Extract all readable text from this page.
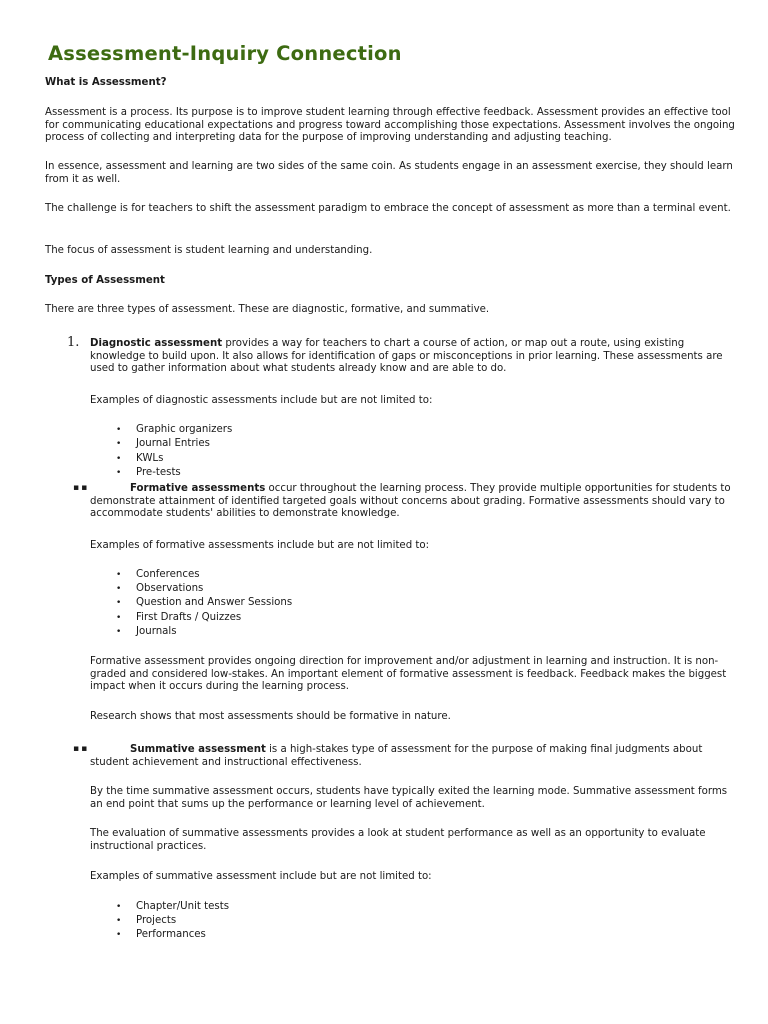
Assessment-Inquiry Connection

What is Assessment?

Assessment is a process. Its purpose is to improve student learning through effective feedback. Assessment provides an effective tool for communicating educational expectations and progress toward accomplishing those expectations. Assessment involves the ongoing process of collecting and interpreting data for the purpose of improving understanding and adjusting teaching.

In essence, assessment and learning are two sides of the same coin. As students engage in an assessment exercise, they should learn from it as well.

The challenge is for teachers to shift the assessment paradigm to embrace the concept of assessment as more than a terminal event.

The focus of assessment is student learning and understanding.

Types of Assessment

There are three types of assessment. These are diagnostic, formative, and summative.

1. Diagnostic assessment provides a way for teachers to chart a course of action, or map out a route, using existing knowledge to build upon. It also allows for identification of gaps or misconceptions in prior learning. These assessments are used to gather information about what students already know and are able to do.

Examples of diagnostic assessments include but are not limited to:

• Graphic organizers
• Journal Entries
• KWLs
• Pre-tests
▪▪	Formative assessments occur throughout the learning process. They provide multiple opportunities for students to demonstrate attainment of identified targeted goals without concerns about grading. Formative assessments should vary to accommodate students' abilities to demonstrate knowledge.

Examples of formative assessments include but are not limited to:

• Conferences
• Observations
• Question and Answer Sessions
• First Drafts / Quizzes
• Journals

Formative assessment provides ongoing direction for improvement and/or adjustment in learning and instruction. It is non-graded and considered low-stakes. An important element of formative assessment is feedback. Feedback makes the biggest impact when it occurs during the learning process.

Research shows that most assessments should be formative in nature.

▪▪	Summative assessment is a high-stakes type of assessment for the purpose of making final judgments about student achievement and instructional effectiveness.

By the time summative assessment occurs, students have typically exited the learning mode. Summative assessment forms an end point that sums up the performance or learning level of achievement.

The evaluation of summative assessments provides a look at student performance as well as an opportunity to evaluate instructional practices.

Examples of summative assessment include but are not limited to:

• Chapter/Unit tests
• Projects
• Performances
